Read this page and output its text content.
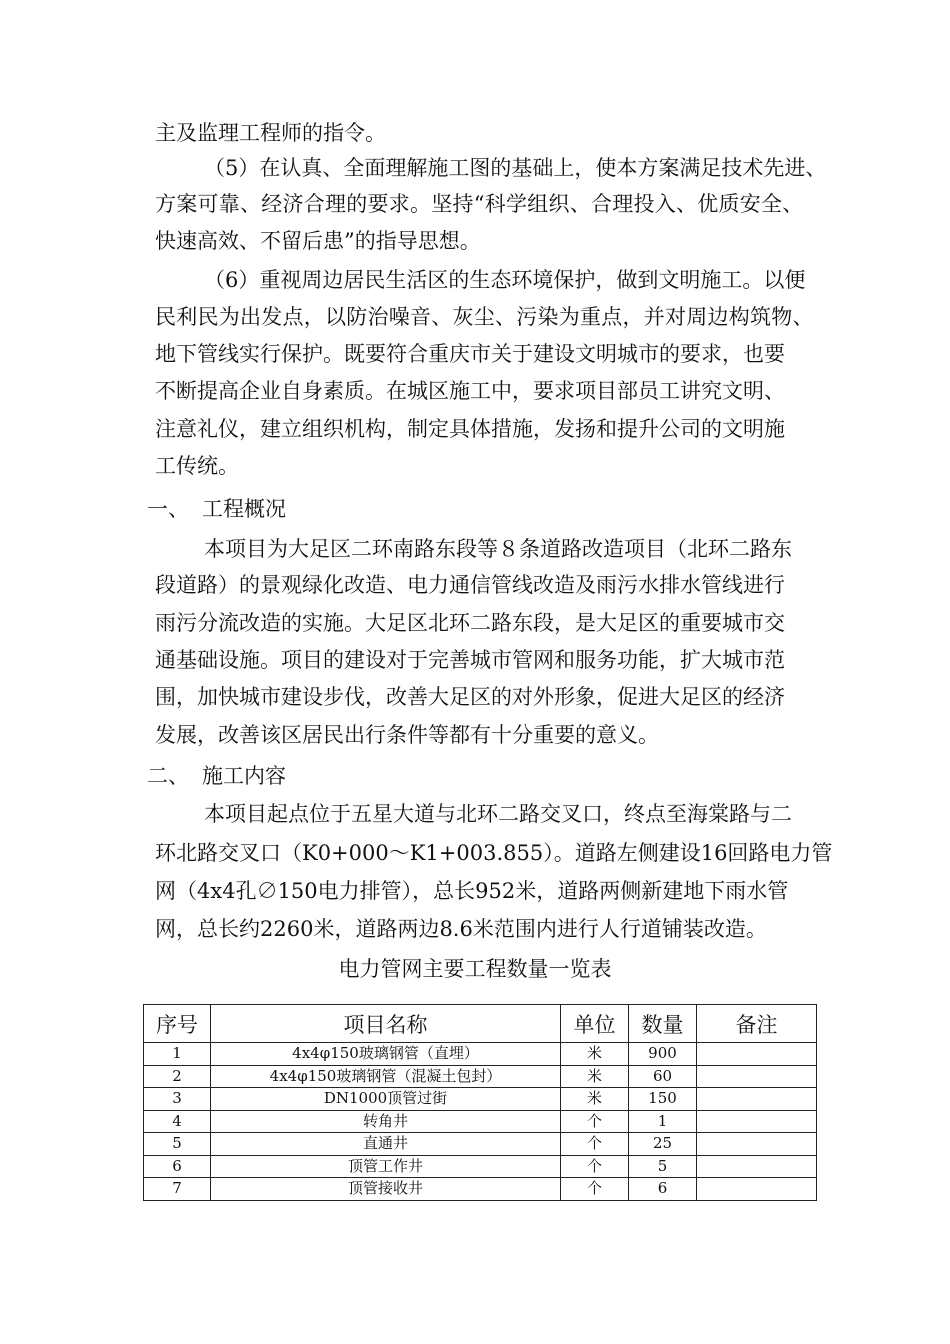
主及监理工程师的指令。
（5）在认真、全面理解施工图的基础上，使本方案满足技术先进、
方案可靠、经济合理的要求。坚持“科学组织、合理投入、优质安全、
快速高效、不留后患”的指导思想。
（6）重视周边居民生活区的生态环境保护，做到文明施工。以便
民利民为出发点，以防治噪音、灰尘、污染为重点，并对周边构筑物、
地下管线实行保护。既要符合重庆市关于建设文明城市的要求，也要
不断提高企业自身素质。在城区施工中，要求项目部员工讲究文明、
注意礼仪，建立组织机构，制定具体措施，发扬和提升公司的文明施
工传统。
一、 工程概况
本项目为大足区二环南路东段等８条道路改造项目（北环二路东
段道路）的景观绿化改造、电力通信管线改造及雨污水排水管线进行
雨污分流改造的实施。大足区北环二路东段，是大足区的重要城市交
通基础设施。项目的建设对于完善城市管网和服务功能，扩大城市范
围，加快城市建设步伐，改善大足区的对外形象，促进大足区的经济
发展，改善该区居民出行条件等都有十分重要的意义。
二、 施工内容
本项目起点位于五星大道与北环二路交叉口，终点至海棠路与二
环北路交叉口（K0+000～K1+003.855）。道路左侧建设16回路电力管
网（4x4孔∅150电力排管），总长952米，道路两侧新建地下雨水管
网，总长约2260米，道路两边8.6米范围内进行人行道铺装改造。
电力管网主要工程数量一览表
序号	项目名称	单位	数量	备注
1	4x4φ150玻璃钢管（直埋）	米	900	
2	4x4φ150玻璃钢管（混凝土包封）	米	60	
3	DN1000顶管过街	米	150	
4	转角井	个	1	
5	直通井	个	25	
6	顶管工作井	个	5	
7	顶管接收井	个	6	
